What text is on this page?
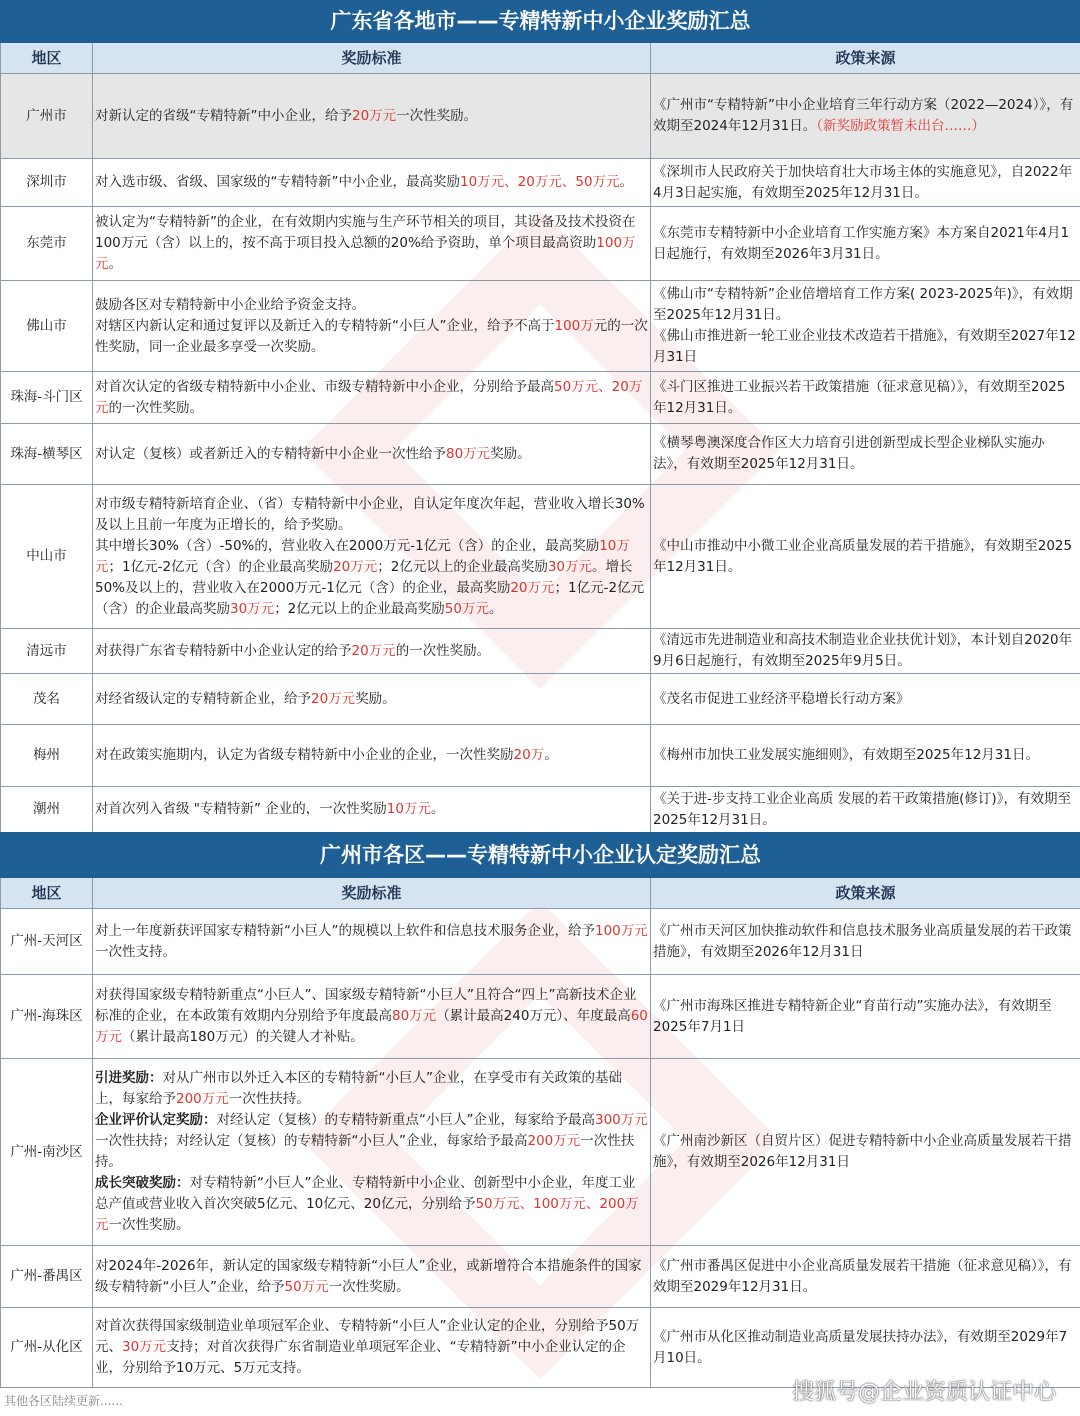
广东省各地市——专精特新中小企业奖励汇总		
地区	奖励标准	政策来源
广州市	对新认定的省级“专精特新”中小企业，给予20万元一次性奖励。	《广州市“专精特新”中小企业培育三年行动方案（2022—2024）》，有效期至2024年12月31日。（新奖励政策暂未出台……）
深圳市	对入选市级、省级、国家级的“专精特新”中小企业，最高奖励10万元、20万元、50万元。	《深圳市人民政府关于加快培育壮大市场主体的实施意见》，自2022年4月3日起实施，有效期至2025年12月31日。
东莞市	被认定为“专精特新”的企业，在有效期内实施与生产环节相关的项目，其设备及技术投资在100万元（含）以上的，按不高于项目投入总额的20%给予资助，单个项目最高资助100万元。	《东莞市专精特新中小企业培育工作实施方案》本方案自2021年4月1日起施行，有效期至2026年3月31日。
佛山市	鼓励各区对专精特新中小企业给予资金支持。
对辖区内新认定和通过复评以及新迁入的专精特新“小巨人”企业，给予不高于100万元的一次性奖励，同一企业最多享受一次奖励。	《佛山市“专精特新”企业倍增培育工作方案( 2023-2025年)》，有效期至2025年12月31日。
《佛山市推进新一轮工业企业技术改造若干措施》，有效期至2027年12月31日
珠海-斗门区	对首次认定的省级专精特新中小企业、市级专精特新中小企业，分别给予最高50万元、20万元的一次性奖励。	《斗门区推进工业振兴若干政策措施（征求意见稿）》，有效期至2025年12月31日。
珠海-横琴区	对认定（复核）或者新迁入的专精特新中小企业一次性给予80万元奖励。	《横琴粤澳深度合作区大力培育引进创新型成长型企业梯队实施办法》，有效期至2025年12月31日。
中山市	对市级专精特新培育企业、（省）专精特新中小企业，自认定年度次年起，营业收入增长30%及以上且前一年度为正增长的，给予奖励。
其中增长30%（含）-50%的，营业收入在2000万元-1亿元（含）的企业，最高奖励10万元；1亿元-2亿元（含）的企业最高奖励20万元；2亿元以上的企业最高奖励30万元。增长50%及以上的，营业收入在2000万元-1亿元（含）的企业，最高奖励20万元；1亿元-2亿元（含）的企业最高奖励30万元；2亿元以上的企业最高奖励50万元。	《中山市推动中小微工业企业高质量发展的若干措施》，有效期至2025年12月31日。
清远市	对获得广东省专精特新中小企业认定的给予20万元的一次性奖励。	《清远市先进制造业和高技术制造业企业扶优计划》，本计划自2020年9月6日起施行，有效期至2025年9月5日。
茂名	对经省级认定的专精特新企业，给予20万元奖励。	《茂名市促进工业经济平稳增长行动方案》
梅州	对在政策实施期内，认定为省级专精特新中小企业的企业，一次性奖励20万。	《梅州市加快工业发展实施细则》，有效期至2025年12月31日。
潮州	对首次列入省级 "专精特新” 企业的，一次性奖励10万元。	《关于进-步支持工业企业高质 发展的若干政策措施(修订)》，有效期至2025年12月31日。
广州市各区——专精特新中小企业认定奖励汇总		
地区	奖励标准	政策来源
广州-天河区	对上一年度新获评国家专精特新“小巨人”的规模以上软件和信息技术服务企业，给予100万元一次性支持。	《广州市天河区加快推动软件和信息技术服务业高质量发展的若干政策措施》，有效期至2026年12月31日
广州-海珠区	对获得国家级专精特新重点“小巨人”、国家级专精特新“小巨人”且符合“四上”高新技术企业标准的企业，在本政策有效期内分别给予年度最高80万元（累计最高240万元）、年度最高60万元（累计最高180万元）的关键人才补贴。	《广州市海珠区推进专精特新企业“育苗行动”实施办法》，有效期至2025年7月1日
广州-南沙区	引进奖励：对从广州市以外迁入本区的专精特新“小巨人”企业，在享受市有关政策的基础上，每家给予200万元一次性扶持。
企业评价认定奖励：对经认定（复核）的专精特新重点“小巨人”企业，每家给予最高300万元一次性扶持；对经认定（复核）的专精特新“小巨人”企业，每家给予最高200万元一次性扶持。
成长突破奖励：对专精特新“小巨人”企业、专精特新中小企业、创新型中小企业，年度工业总产值或营业收入首次突破5亿元、10亿元、20亿元，分别给予50万元、100万元、200万元一次性奖励。	《广州南沙新区（自贸片区）促进专精特新中小企业高质量发展若干措施》，有效期至2026年12月31日
广州-番禺区	对2024年-2026年，新认定的国家级专精特新“小巨人”企业，或新增符合本措施条件的国家级专精特新“小巨人”企业，给予50万元一次性奖励。	《广州市番禺区促进中小企业高质量发展若干措施（征求意见稿）》，有效期至2029年12月31日。
广州-从化区	对首次获得国家级制造业单项冠军企业、专精特新“小巨人”企业认定的企业，分别给予50万元、30万元支持；对首次获得广东省制造业单项冠军企业、“专精特新”中小企业认定的企业，分别给予10万元、5万元支持。	《广州市从化区推动制造业高质量发展扶持办法》，有效期至2029年7月10日。
其他各区陆续更新......	搜狐号@企业资质认证中心
